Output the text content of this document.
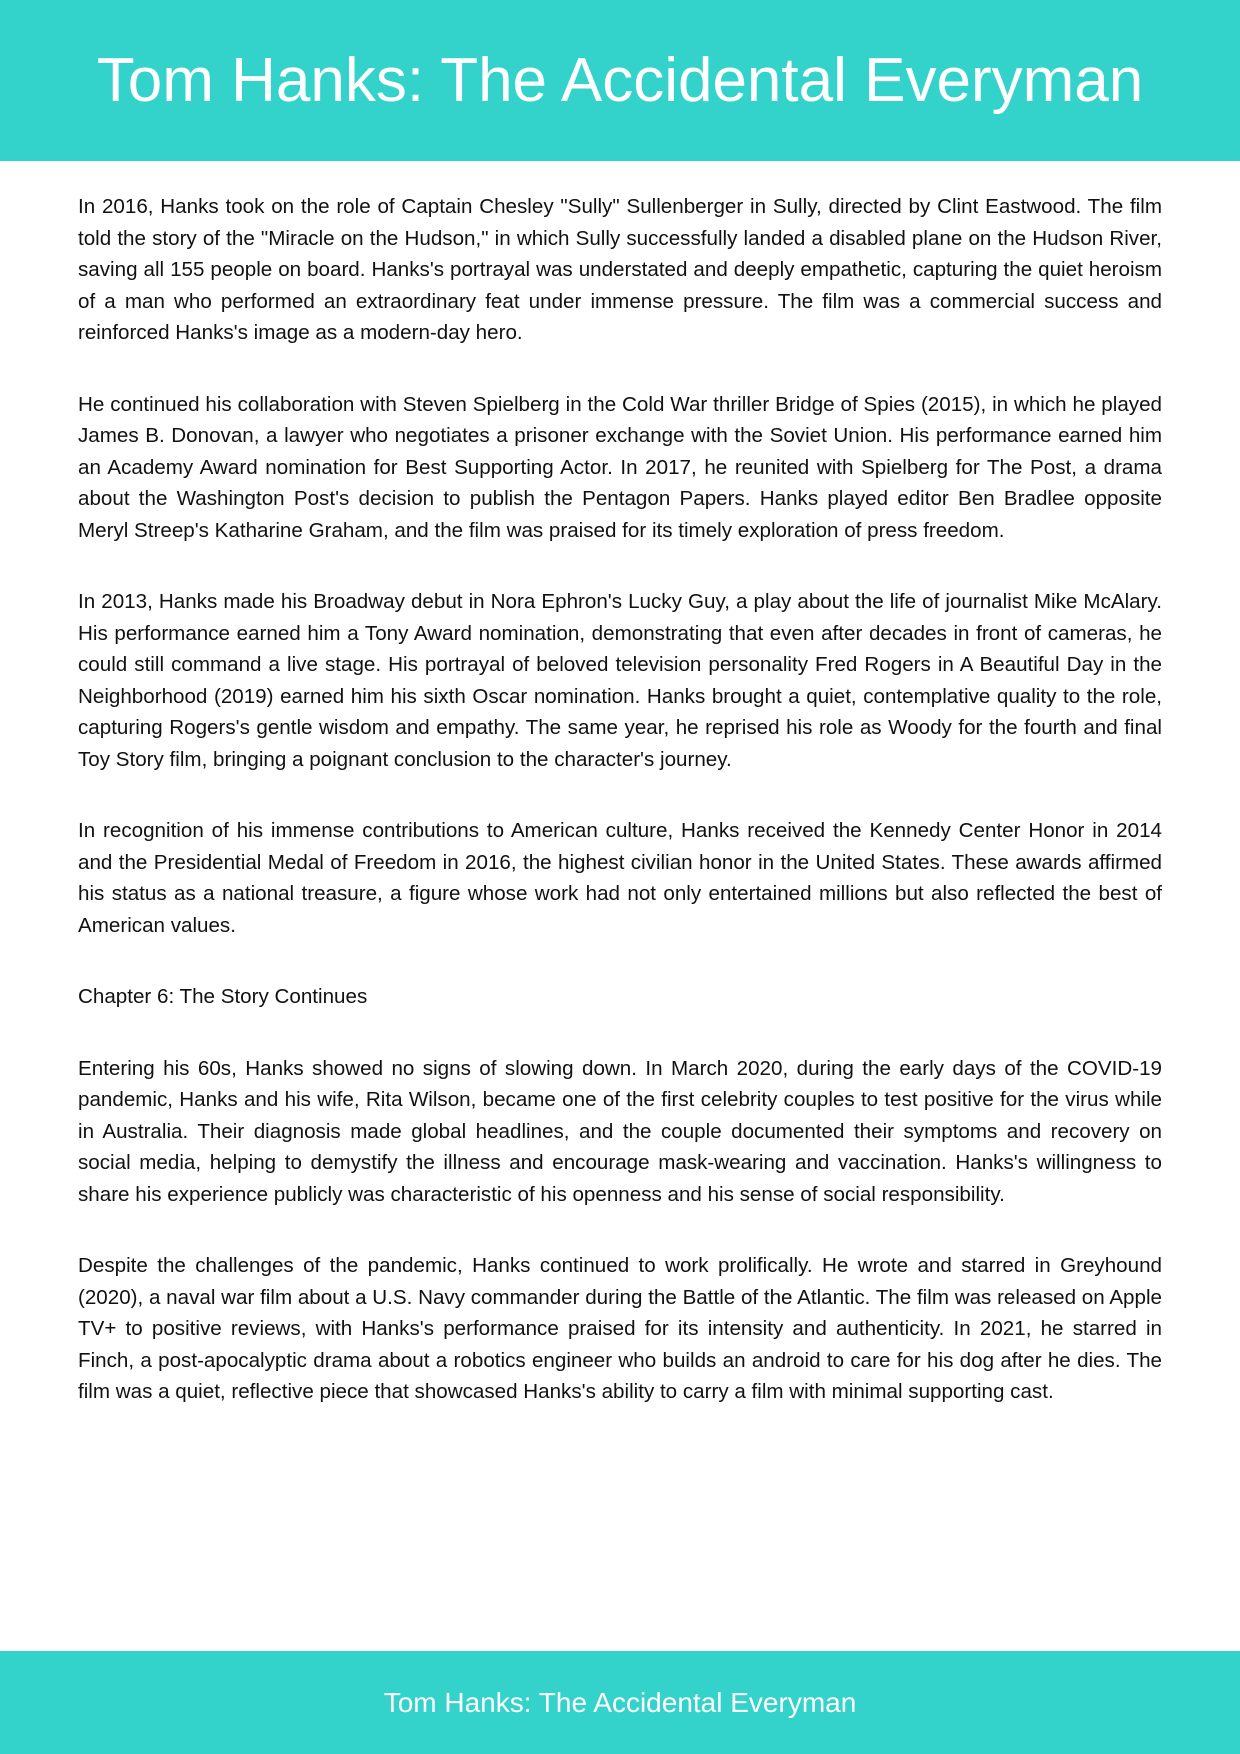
Tom Hanks: The Accidental Everyman

In 2016, Hanks took on the role of Captain Chesley "Sully" Sullenberger in Sully, directed by Clint Eastwood. The film told the story of the "Miracle on the Hudson," in which Sully successfully landed a disabled plane on the Hudson River, saving all 155 people on board. Hanks's portrayal was understated and deeply empathetic, capturing the quiet heroism of a man who performed an extraordinary feat under immense pressure. The film was a commercial success and reinforced Hanks's image as a modern-day hero.

He continued his collaboration with Steven Spielberg in the Cold War thriller Bridge of Spies (2015), in which he played James B. Donovan, a lawyer who negotiates a prisoner exchange with the Soviet Union. His performance earned him an Academy Award nomination for Best Supporting Actor. In 2017, he reunited with Spielberg for The Post, a drama about the Washington Post's decision to publish the Pentagon Papers. Hanks played editor Ben Bradlee opposite Meryl Streep's Katharine Graham, and the film was praised for its timely exploration of press freedom.

In 2013, Hanks made his Broadway debut in Nora Ephron's Lucky Guy, a play about the life of journalist Mike McAlary. His performance earned him a Tony Award nomination, demonstrating that even after decades in front of cameras, he could still command a live stage. His portrayal of beloved television personality Fred Rogers in A Beautiful Day in the Neighborhood (2019) earned him his sixth Oscar nomination. Hanks brought a quiet, contemplative quality to the role, capturing Rogers's gentle wisdom and empathy. The same year, he reprised his role as Woody for the fourth and final Toy Story film, bringing a poignant conclusion to the character's journey.

In recognition of his immense contributions to American culture, Hanks received the Kennedy Center Honor in 2014 and the Presidential Medal of Freedom in 2016, the highest civilian honor in the United States. These awards affirmed his status as a national treasure, a figure whose work had not only entertained millions but also reflected the best of American values.

Chapter 6: The Story Continues

Entering his 60s, Hanks showed no signs of slowing down. In March 2020, during the early days of the COVID-19 pandemic, Hanks and his wife, Rita Wilson, became one of the first celebrity couples to test positive for the virus while in Australia. Their diagnosis made global headlines, and the couple documented their symptoms and recovery on social media, helping to demystify the illness and encourage mask-wearing and vaccination. Hanks's willingness to share his experience publicly was characteristic of his openness and his sense of social responsibility.

Despite the challenges of the pandemic, Hanks continued to work prolifically. He wrote and starred in Greyhound (2020), a naval war film about a U.S. Navy commander during the Battle of the Atlantic. The film was released on Apple TV+ to positive reviews, with Hanks's performance praised for its intensity and authenticity. In 2021, he starred in Finch, a post-apocalyptic drama about a robotics engineer who builds an android to care for his dog after he dies. The film was a quiet, reflective piece that showcased Hanks's ability to carry a film with minimal supporting cast.

Tom Hanks: The Accidental Everyman
